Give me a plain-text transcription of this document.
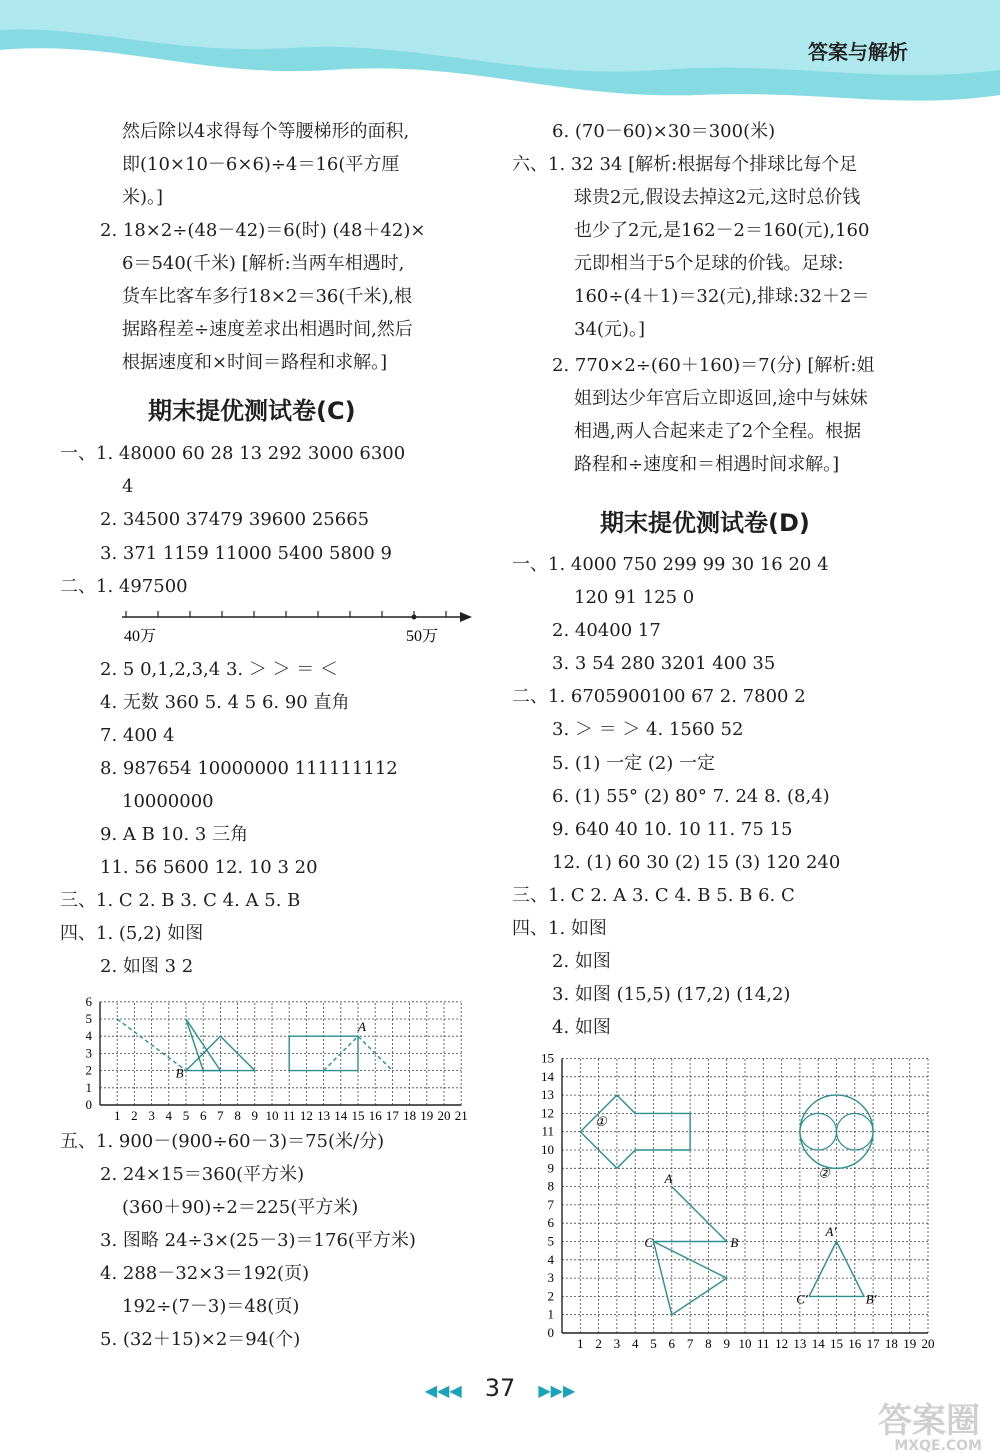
答案与解析
然后除以4求得每个等腰梯形的面积,
即(10×10－6×6)÷4＝16(平方厘
米)。]
2. 18×2÷(48－42)＝6(时) (48＋42)×
6＝540(千米) [解析:当两车相遇时,
货车比客车多行18×2＝36(千米),根
据路程差÷速度差求出相遇时间,然后
根据速度和×时间＝路程和求解。]
期末提优测试卷(C)
一、1. 48000 60 28 13 292 3000 6300
4
2. 34500 37479 39600 25665
3. 371 1159 11000 5400 5800 9
二、1. 497500
40万	50万
2. 5 0,1,2,3,4 3. ＞ ＞ ＝ ＜
4. 无数 360 5. 4 5 6. 90 直角
7. 400 4
8. 987654 10000000 111111112
10000000
9. A B 10. 3 三角
11. 56 5600 12. 10 3 20
三、1. C 2. B 3. C 4. A 5. B
四、1. (5,2) 如图
2. 如图 3 2
1 2 3 4 5 6 7 8 9 10 11 12 13 14 15 16 17 18 19 20 21
0
1
2
3
4
5
6
A
B
五、1. 900－(900÷60－3)＝75(米/分)
2. 24×15＝360(平方米)
(360＋90)÷2＝225(平方米)
3. 图略 24÷3×(25－3)＝176(平方米)
4. 288－32×3＝192(页)
192÷(7－3)＝48(页)
5. (32＋15)×2＝94(个)
6. (70－60)×30＝300(米)
六、1. 32 34 [解析:根据每个排球比每个足
球贵2元,假设去掉这2元,这时总价钱
也少了2元,是162－2＝160(元),160
元即相当于5个足球的价钱。足球:
160÷(4＋1)＝32(元),排球:32＋2＝
34(元)。]
2. 770×2÷(60＋160)＝7(分) [解析:姐
姐到达少年宫后立即返回,途中与妹妹
相遇,两人合起来走了2个全程。根据
路程和÷速度和＝相遇时间求解。]
期末提优测试卷(D)
一、1. 4000 750 299 99 30 16 20 4
120 91 125 0
2. 40400 17
3. 3 54 280 3201 400 35
二、1. 6705900100 67 2. 7800 2
3. ＞ ＝ ＞ 4. 1560 52
5. (1) 一定 (2) 一定
6. (1) 55° (2) 80° 7. 24 8. (8,4)
9. 640 40 10. 10 11. 75 15
12. (1) 60 30 (2) 15 (3) 120 240
三、1. C 2. A 3. C 4. B 5. B 6. C
四、1. 如图
2. 如图
3. 如图 (15,5) (17,2) (14,2)
4. 如图
1 2 3 4 5 6 7 8 9 10 11 12 13 14 15 16 17 18 19 20
0
1
2
3
4
5
6
7
8
9
10
11
12
13
14
15
①
②
A
B
C
A'
B'
C'
◀◀◀ 37 ▶▶▶
答案圈
MXQE.COM
